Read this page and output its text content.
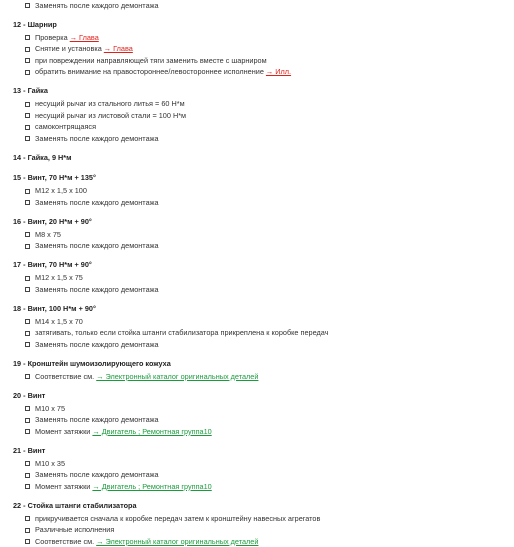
Заменять после каждого демонтажа
12 - Шарнир
Проверка → Глава
Снятие и установка → Глава
при повреждении направляющей тяги заменить вместе с шарниром
обратить внимание на правостороннее/левостороннее исполнение → Илл.
13 - Гайка
несущий рычаг из стального литья = 60 Н*м
несущий рычаг из листовой стали = 100 Н*м
самоконтрящаяся
Заменять после каждого демонтажа
14 - Гайка, 9 Н*м
15 - Винт, 70 Н*м + 135°
M12 x 1,5 x 100
Заменять после каждого демонтажа
16 - Винт, 20 Н*м + 90°
M8 x 75
Заменять после каждого демонтажа
17 - Винт, 70 Н*м + 90°
M12 x 1,5 x 75
Заменять после каждого демонтажа
18 - Винт, 100 Н*м + 90°
M14 x 1,5 x 70
затягивать, только если стойка штанги стабилизатора прикреплена к коробке передач
Заменять после каждого демонтажа
19 - Кронштейн шумоизолирующего кожуха
Соответствие см. → Электронный каталог оригинальных деталей
20 - Винт
M10 x 75
Заменять после каждого демонтажа
Момент затяжки → Двигатель ; Ремонтная группа10
21 - Винт
M10 x 35
Заменять после каждого демонтажа
Момент затяжки → Двигатель ; Ремонтная группа10
22 - Стойка штанги стабилизатора
прикручивается сначала к коробке передач затем к кронштейну навесных агрегатов
Различные исполнения
Соответствие см. → Электронный каталог оригинальных деталей
